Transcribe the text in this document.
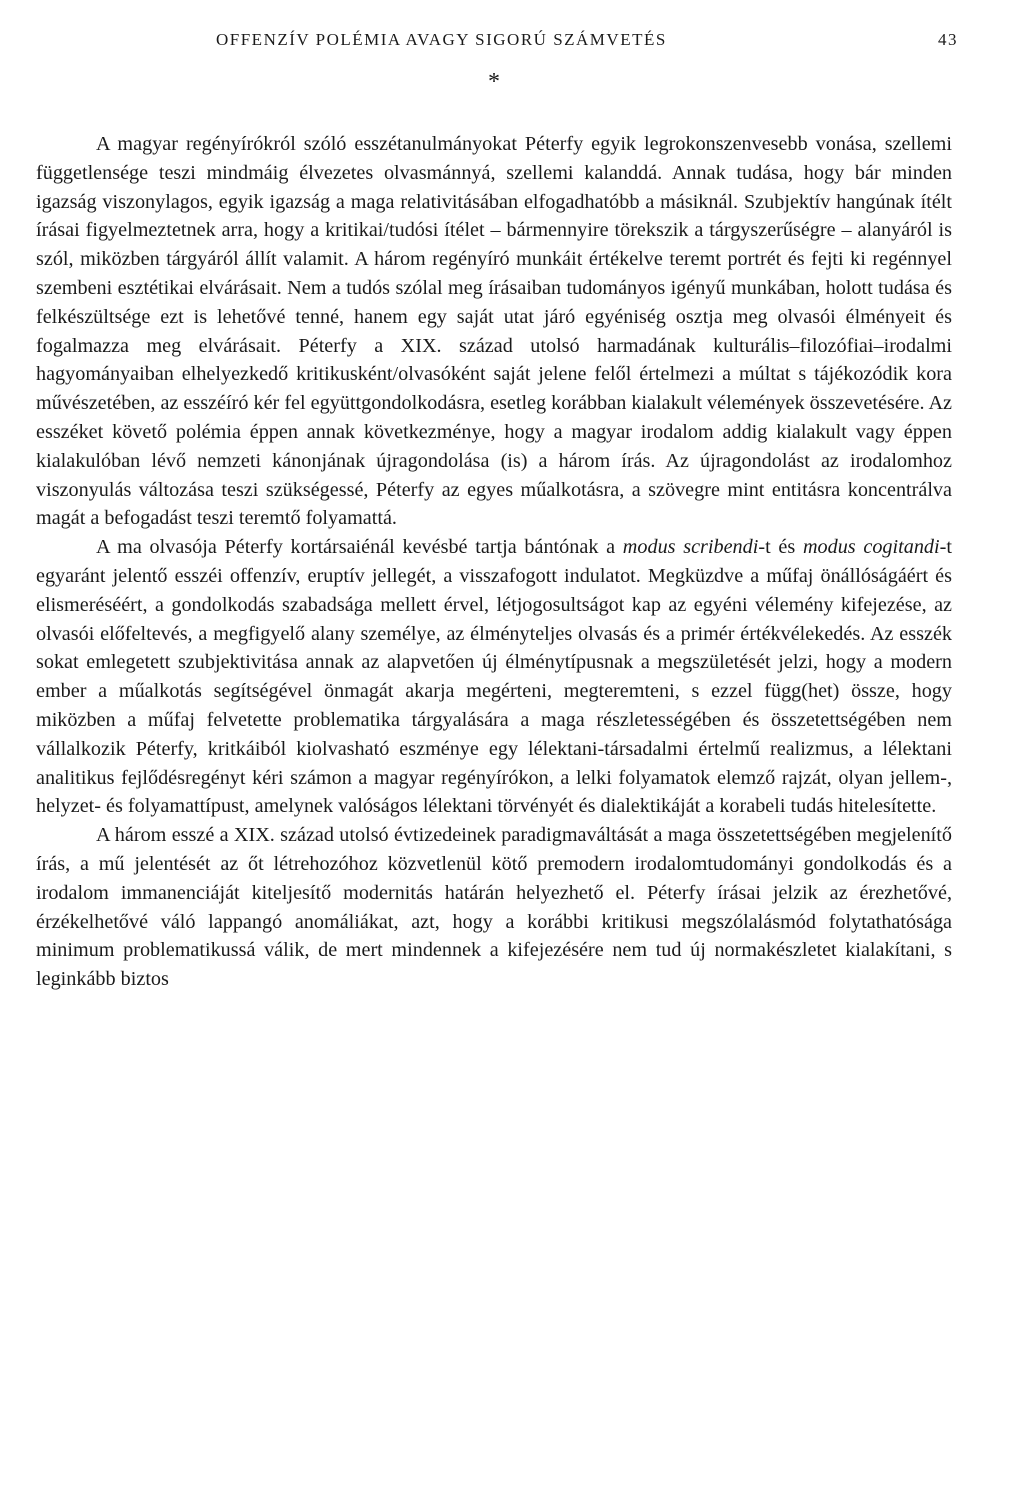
OFFENZÍV POLÉMIA AVAGY SIGORÚ SZÁMVETÉS	43
*

A magyar regényírókról szóló esszétanulmányokat Péterfy egyik legrokonszenvesebb vonása, szellemi függetlensége teszi mindmáig élvezetes olvasmánnyá, szellemi kalanddá. Annak tudása, hogy bár minden igazság viszonylagos, egyik igazság a maga relativitásában elfogadhatóbb a másiknál. Szubjektív hangúnak ítélt írásai figyelmeztetnek arra, hogy a kritikai/tudósi ítélet – bármennyire törekszik a tárgyszerűségre – alanyáról is szól, miközben tárgyáról állít valamit. A három regényíró munkáit értékelve teremt portrét és fejti ki regénnyel szembeni esztétikai elvárásait. Nem a tudós szólal meg írásaiban tudományos igényű munkában, holott tudása és felkészültsége ezt is lehetővé tenné, hanem egy saját utat járó egyéniség osztja meg olvasói élményeit és fogalmazza meg elvárásait. Péterfy a XIX. század utolsó harmadának kulturális–filozófiai–irodalmi hagyományaiban elhelyezkedő kritikusként/olvasóként saját jelene felől értelmezi a múltat s tájékozódik kora művészetében, az esszéíró kér fel együttgondolkodásra, esetleg korábban kialakult vélemények összevetésére. Az esszéket követő polémia éppen annak következménye, hogy a magyar irodalom addig kialakult vagy éppen kialakulóban lévő nemzeti kánonjának újragondolása (is) a három írás. Az újragondolást az irodalomhoz viszonyulás változása teszi szükségessé, Péterfy az egyes műalkotásra, a szövegre mint entitásra koncentrálva magát a befogadást teszi teremtő folyamattá.

A ma olvasója Péterfy kortársaiénál kevésbé tartja bántónak a modus scribendi-t és modus cogitandi-t egyaránt jelentő esszéi offenzív, eruptív jellegét, a visszafogott indulatot. Megküzdve a műfaj önállóságáért és elismeréséért, a gondolkodás szabadsága mellett érvel, létjogosultságot kap az egyéni vélemény kifejezése, az olvasói előfeltevés, a megfigyelő alany személye, az élményteljes olvasás és a primér értékvélekedés. Az esszék sokat emlegetett szubjektivitása annak az alapvetően új élménytípusnak a megszületését jelzi, hogy a modern ember a műalkotás segítségével önmagát akarja megérteni, megteremteni, s ezzel függ(het) össze, hogy miközben a műfaj felvetette problematika tárgyalására a maga részletességében és összetettségében nem vállalkozik Péterfy, kritkáiból kiolvasható eszménye egy lélektani-társadalmi értelmű realizmus, a lélektani analitikus fejlődésregényt kéri számon a magyar regényírókon, a lelki folyamatok elemző rajzát, olyan jellem-, helyzet- és folyamattípust, amelynek valóságos lélektani törvényét és dialektikáját a korabeli tudás hitelesítette.

A három esszé a XIX. század utolsó évtizedeinek paradigmaváltását a maga összetettségében megjelenítő írás, a mű jelentését az őt létrehozóhoz közvetlenül kötő premodern irodalomtudományi gondolkodás és a irodalom immanenciáját kiteljesítő modernitás határán helyezhető el. Péterfy írásai jelzik az érezhetővé, érzékelhetővé váló lappangó anomáliákat, azt, hogy a korábbi kritikusi megszólalásmód folytathatósága minimum problematikussá válik, de mert mindennek a kifejezésére nem tud új normakészletet kialakítani, s leginkább biztos
